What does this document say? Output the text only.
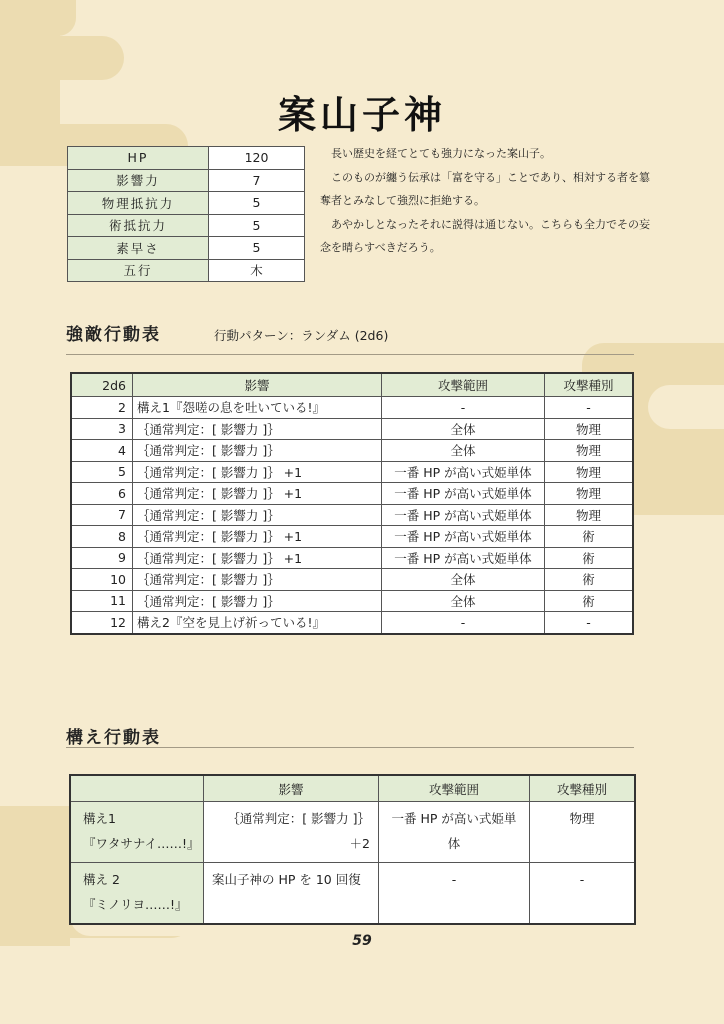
案山子神
HP	120
影響力	7
物理抵抗力	5
術抵抗力	5
素早さ	5
五行	木

長い歴史を経てとても強力になった案山子。

このものが纏う伝承は「富を守る」ことであり、相対する者を簒奪者とみなして強烈に拒絶する。

あやかしとなったそれに説得は通じない。こちらも全力でその妄念を晴らすべきだろう。

強敵行動表	行動パターン：ランダム (2d6)
2d6	影響	攻撃範囲	攻撃種別
2	構え1『怨嗟の息を吐いている!』	-	-
3	｛通常判定：[ 影響力 ]｝	全体	物理
4	｛通常判定：[ 影響力 ]｝	全体	物理
5	｛通常判定：[ 影響力 ]｝ +1	一番 HP が高い式姫単体	物理
6	｛通常判定：[ 影響力 ]｝ +1	一番 HP が高い式姫単体	物理
7	｛通常判定：[ 影響力 ]｝	一番 HP が高い式姫単体	物理
8	｛通常判定：[ 影響力 ]｝ +1	一番 HP が高い式姫単体	術
9	｛通常判定：[ 影響力 ]｝ +1	一番 HP が高い式姫単体	術
10	｛通常判定：[ 影響力 ]｝	全体	術
11	｛通常判定：[ 影響力 ]｝	全体	術
12	構え2『空を見上げ祈っている!』	-	-
構え行動表
	影響	攻撃範囲	攻撃種別

構え1
『ワタサナイ……!』	｛通常判定：[ 影響力 ]｝ ＋2	一番 HP が高い式姫単体	物理

構え 2
『ミノリヨ……!』	案山子神の HP を 10 回復	-	-
59
